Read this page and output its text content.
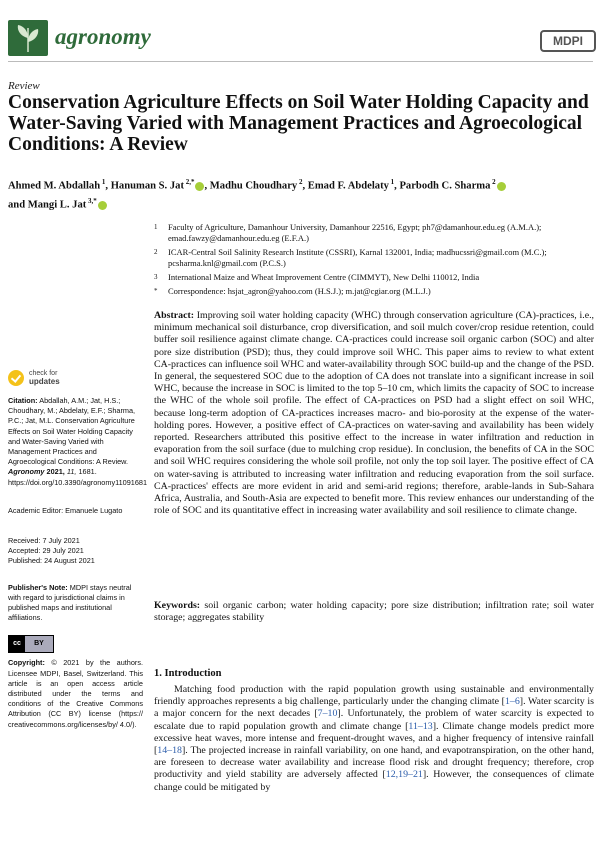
agronomy	MDPI
Review
Conservation Agriculture Effects on Soil Water Holding Capacity and Water-Saving Varied with Management Practices and Agroecological Conditions: A Review
Ahmed M. Abdallah $^1$, Hanuman S. Jat $^{2,*}$ , Madhu Choudhary $^2$, Emad F. Abdelaty $^1$, Parbodh C. Sharma $^2$
and Mangi L. Jat $^{3,*}$
1	Faculty of Agriculture, Damanhour University, Damanhour 22516, Egypt; ph7@damanhour.edu.eg (A.M.A.); emad.fawzy@damanhour.edu.eg (E.F.A.)
2	ICAR-Central Soil Salinity Research Institute (CSSRI), Karnal 132001, India; madhucssri@gmail.com (M.C.); pcsharma.knl@gmail.com (P.C.S.)
3	International Maize and Wheat Improvement Centre (CIMMYT), New Delhi 110012, India
*	Correspondence: hsjat_agron@yahoo.com (H.S.J.); m.jat@cgiar.org (M.L.J.)
check for
updates
Citation: Abdallah, A.M.; Jat, H.S.; Choudhary, M.; Abdelaty, E.F.; Sharma, P.C.; Jat, M.L. Conservation Agriculture Effects on Soil Water Holding Capacity and Water-Saving Varied with Management Practices and Agroecological Conditions: A Review. Agronomy 2021, 11, 1681. https://doi.org/10.3390/agronomy11091681
Academic Editor: Emanuele Lugato
Received: 7 July 2021
Accepted: 29 July 2021
Published: 24 August 2021
Publisher's Note: MDPI stays neutral with regard to jurisdictional claims in published maps and institutional affiliations.
cc	BY
Copyright: © 2021 by the authors. Licensee MDPI, Basel, Switzerland. This article is an open access article distributed under the terms and conditions of the Creative Commons Attribution (CC BY) license (https:// creativecommons.org/licenses/by/ 4.0/).
Abstract: Improving soil water holding capacity (WHC) through conservation agriculture (CA)-practices, i.e., minimum mechanical soil disturbance, crop diversification, and soil mulch cover/crop residue retention, could buffer soil resilience against climate change. CA-practices could increase soil organic carbon (SOC) and alter pore size distribution (PSD); thus, they could improve soil WHC. This paper aims to review to what extent CA-practices can influence soil WHC and water-availability through SOC build-up and the change of the PSD. In general, the sequestered SOC due to the adoption of CA does not translate into a significant increase in soil WHC, because the increase in SOC is limited to the top 5–10 cm, which limits the capacity of SOC to increase the WHC of the whole soil profile. The effect of CA-practices on PSD had a slight effect on soil WHC, because long-term adoption of CA-practices increases macro- and bio-porosity at the expense of the water-holding pores. However, a positive effect of CA-practices on water-saving and availability has been widely reported. Researchers attributed this positive effect to the increase in water infiltration and reduction in evaporation from the soil surface (due to mulching crop residue). In conclusion, the benefits of CA in the SOC and soil WHC requires considering the whole soil profile, not only the top soil layer. The positive effect of CA on water-saving is attributed to increasing water infiltration and reducing evaporation from the soil surface. CA-practices' effects are more evident in arid and semi-arid regions; therefore, arable-lands in Sub-Sahara Africa, Australia, and South-Asia are expected to benefit more. This review enhances our understanding of the role of SOC and its quantitative effect in increasing water availability and soil resilience to climate change.
Keywords: soil organic carbon; water holding capacity; pore size distribution; infiltration rate; soil water storage; aggregates stability
1. Introduction
Matching food production with the rapid population growth using sustainable and environmentally friendly approaches represents a big challenge, particularly under the changing climate [1–6]. Water scarcity is a major concern for the next decades [7–10]. Unfortunately, the problem of water scarcity is expected to escalate due to rapid population growth and climate change [11–13]. Climate change models predict more excessive heat waves, more intense and frequent-drought waves, and a higher frequency of intensive rainfall [14–18]. The projected increase in rainfall variability, on one hand, and evapotranspiration, on the other hand, are foreseen to decrease water availability and increase flood risk and drought frequency; therefore, crop productivity and yield stability are adversely affected [12,19–21]. However, the consequences of climate change could be mitigated by
